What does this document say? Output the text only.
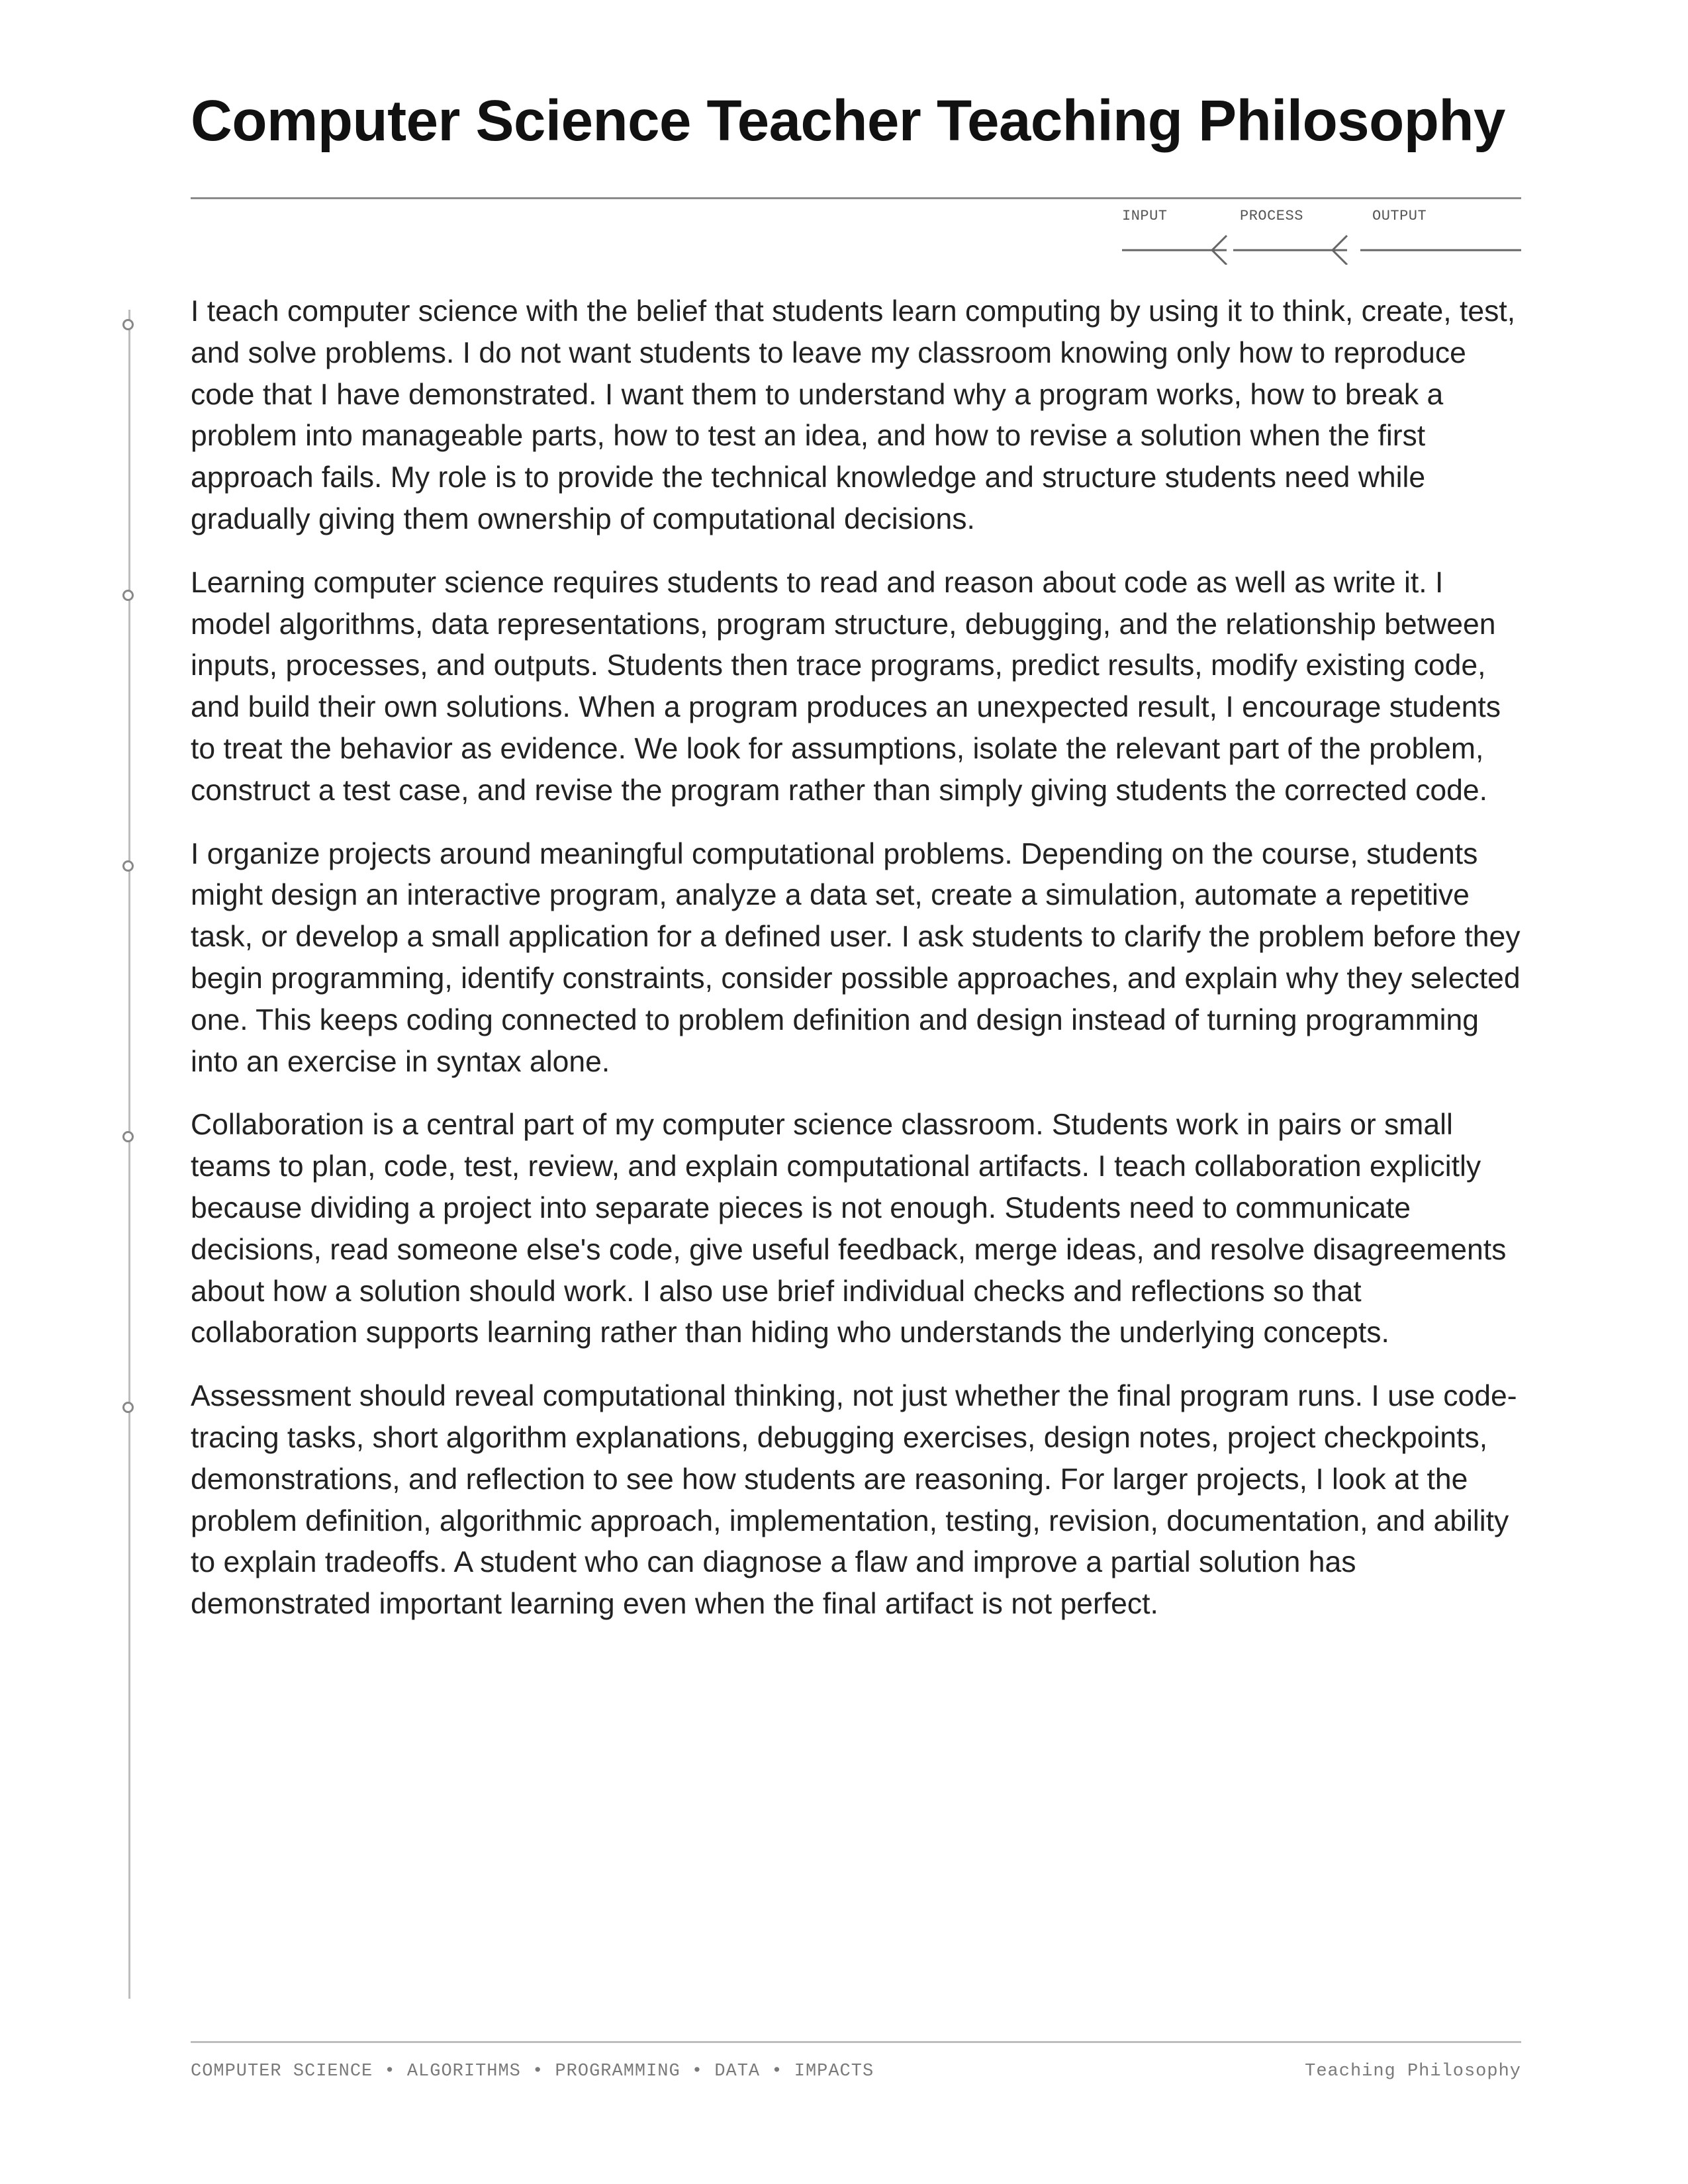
Computer Science Teacher Teaching Philosophy
INPUT	PROCESS	OUTPUT

I teach computer science with the belief that students learn computing by using it to think, create, test, and solve problems. I do not want students to leave my classroom knowing only how to reproduce code that I have demonstrated. I want them to understand why a program works, how to break a problem into manageable parts, how to test an idea, and how to revise a solution when the first approach fails. My role is to provide the technical knowledge and structure students need while gradually giving them ownership of computational decisions.

Learning computer science requires students to read and reason about code as well as write it. I model algorithms, data representations, program structure, debugging, and the relationship between inputs, processes, and outputs. Students then trace programs, predict results, modify existing code, and build their own solutions. When a program produces an unexpected result, I encourage students to treat the behavior as evidence. We look for assumptions, isolate the relevant part of the problem, construct a test case, and revise the program rather than simply giving students the corrected code.

I organize projects around meaningful computational problems. Depending on the course, students might design an interactive program, analyze a data set, create a simulation, automate a repetitive task, or develop a small application for a defined user. I ask students to clarify the problem before they begin programming, identify constraints, consider possible approaches, and explain why they selected one. This keeps coding connected to problem definition and design instead of turning programming into an exercise in syntax alone.

Collaboration is a central part of my computer science classroom. Students work in pairs or small teams to plan, code, test, review, and explain computational artifacts. I teach collaboration explicitly because dividing a project into separate pieces is not enough. Students need to communicate decisions, read someone else's code, give useful feedback, merge ideas, and resolve disagreements about how a solution should work. I also use brief individual checks and reflections so that collaboration supports learning rather than hiding who understands the underlying concepts.

Assessment should reveal computational thinking, not just whether the final program runs. I use code-tracing tasks, short algorithm explanations, debugging exercises, design notes, project checkpoints, demonstrations, and reflection to see how students are reasoning. For larger projects, I look at the problem definition, algorithmic approach, implementation, testing, revision, documentation, and ability to explain tradeoffs. A student who can diagnose a flaw and improve a partial solution has demonstrated important learning even when the final artifact is not perfect.

COMPUTER SCIENCE • ALGORITHMS • PROGRAMMING • DATA • IMPACTS	Teaching Philosophy
